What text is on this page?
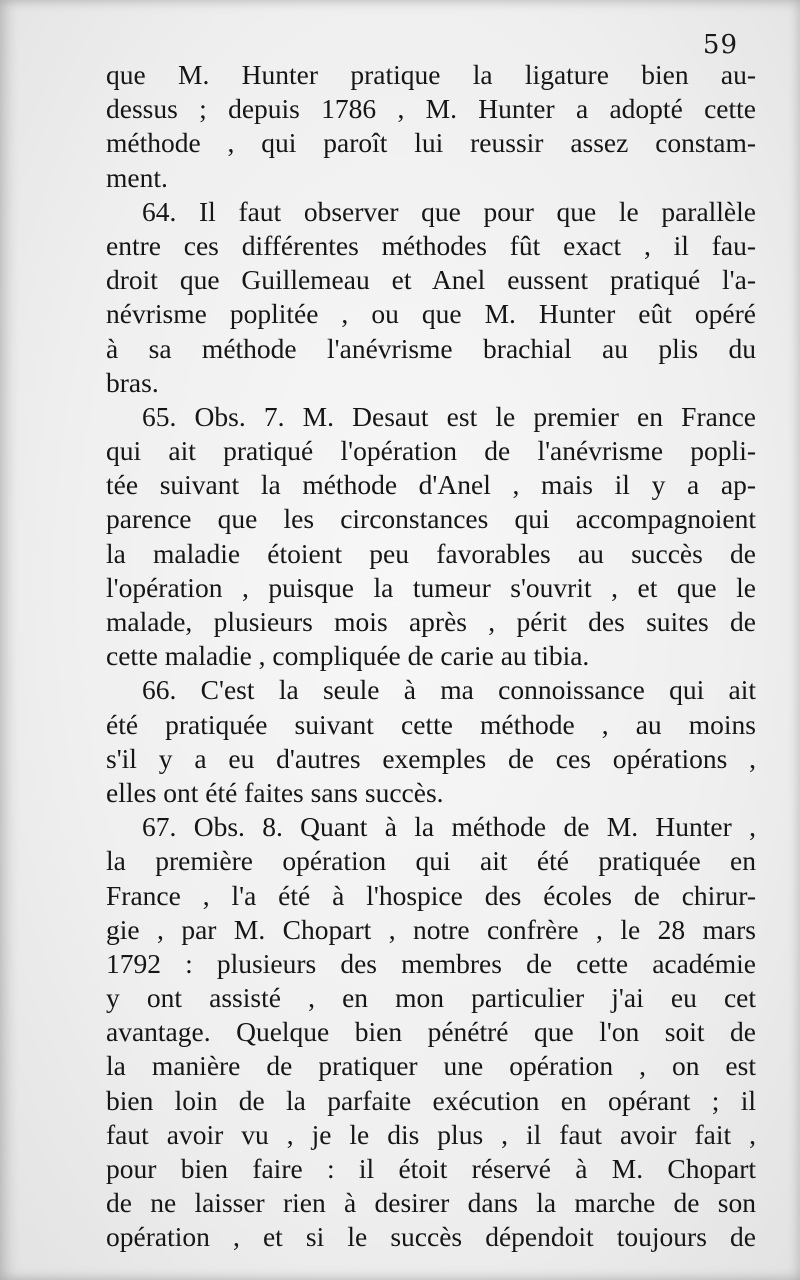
59
que M. Hunter pratique la ligature bien au-
dessus ; depuis 1786 , M. Hunter a adopté cette
méthode , qui paroît lui reussir assez constam-
ment.
64. Il faut observer que pour que le parallèle
entre ces différentes méthodes fût exact , il fau-
droit que Guillemeau et Anel eussent pratiqué l'a-
névrisme poplitée , ou que M. Hunter eût opéré
à sa méthode l'anévrisme brachial au plis du
bras.
65. Obs. 7. M. Desaut est le premier en France
qui ait pratiqué l'opération de l'anévrisme popli-
tée suivant la méthode d'Anel , mais il y a ap-
parence que les circonstances qui accompagnoient
la maladie étoient peu favorables au succès de
l'opération , puisque la tumeur s'ouvrit , et que le
malade, plusieurs mois après , périt des suites de
cette maladie , compliquée de carie au tibia.
66. C'est la seule à ma connoissance qui ait
été pratiquée suivant cette méthode , au moins
s'il y a eu d'autres exemples de ces opérations ,
elles ont été faites sans succès.
67. Obs. 8. Quant à la méthode de M. Hunter ,
la première opération qui ait été pratiquée en
France , l'a été à l'hospice des écoles de chirur-
gie , par M. Chopart , notre confrère , le 28 mars
1792 : plusieurs des membres de cette académie
y ont assisté , en mon particulier j'ai eu cet
avantage. Quelque bien pénétré que l'on soit de
la manière de pratiquer une opération , on est
bien loin de la parfaite exécution en opérant ; il
faut avoir vu , je le dis plus , il faut avoir fait ,
pour bien faire : il étoit réservé à M. Chopart
de ne laisser rien à desirer dans la marche de son
opération , et si le succès dépendoit toujours de
